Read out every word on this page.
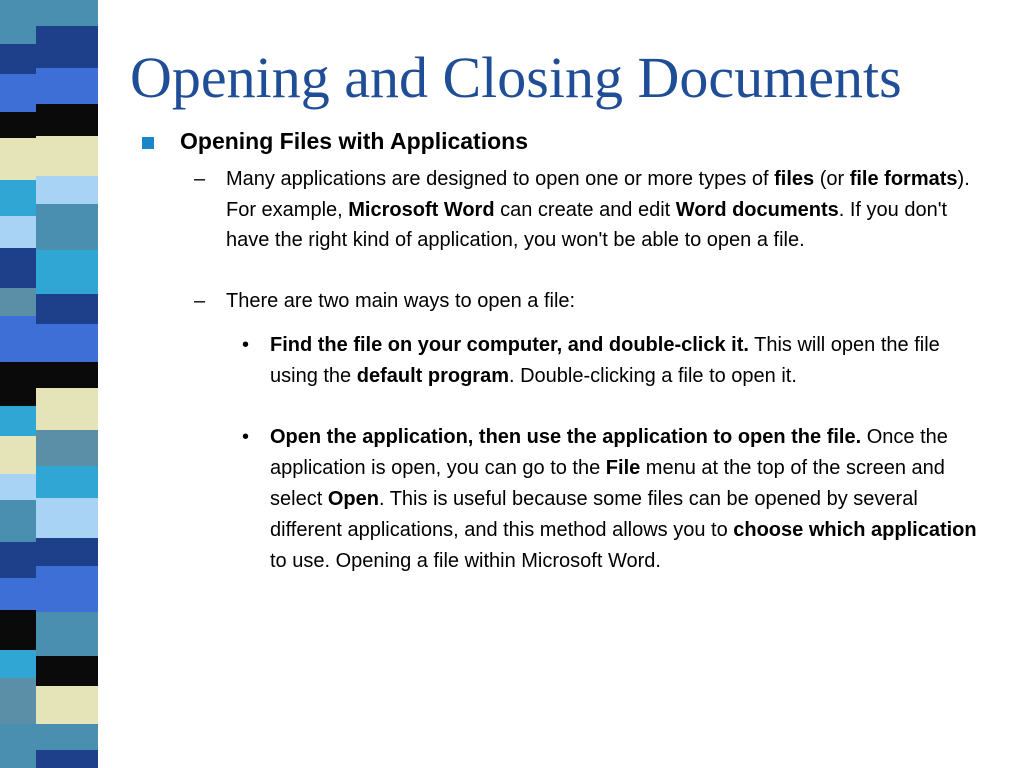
Opening and Closing Documents
Opening Files with Applications
–	Many applications are designed to open one or more types of files (or file formats). For example, Microsoft Word can create and edit Word documents. If you don't have the right kind of application, you won't be able to open a file.
–	There are two main ways to open a file:
•	Find the file on your computer, and double-click it. This will open the file using the default program. Double-clicking a file to open it.
•	Open the application, then use the application to open the file. Once the application is open, you can go to the File menu at the top of the screen and select Open. This is useful because some files can be opened by several different applications, and this method allows you to choose which application to use. Opening a file within Microsoft Word.
